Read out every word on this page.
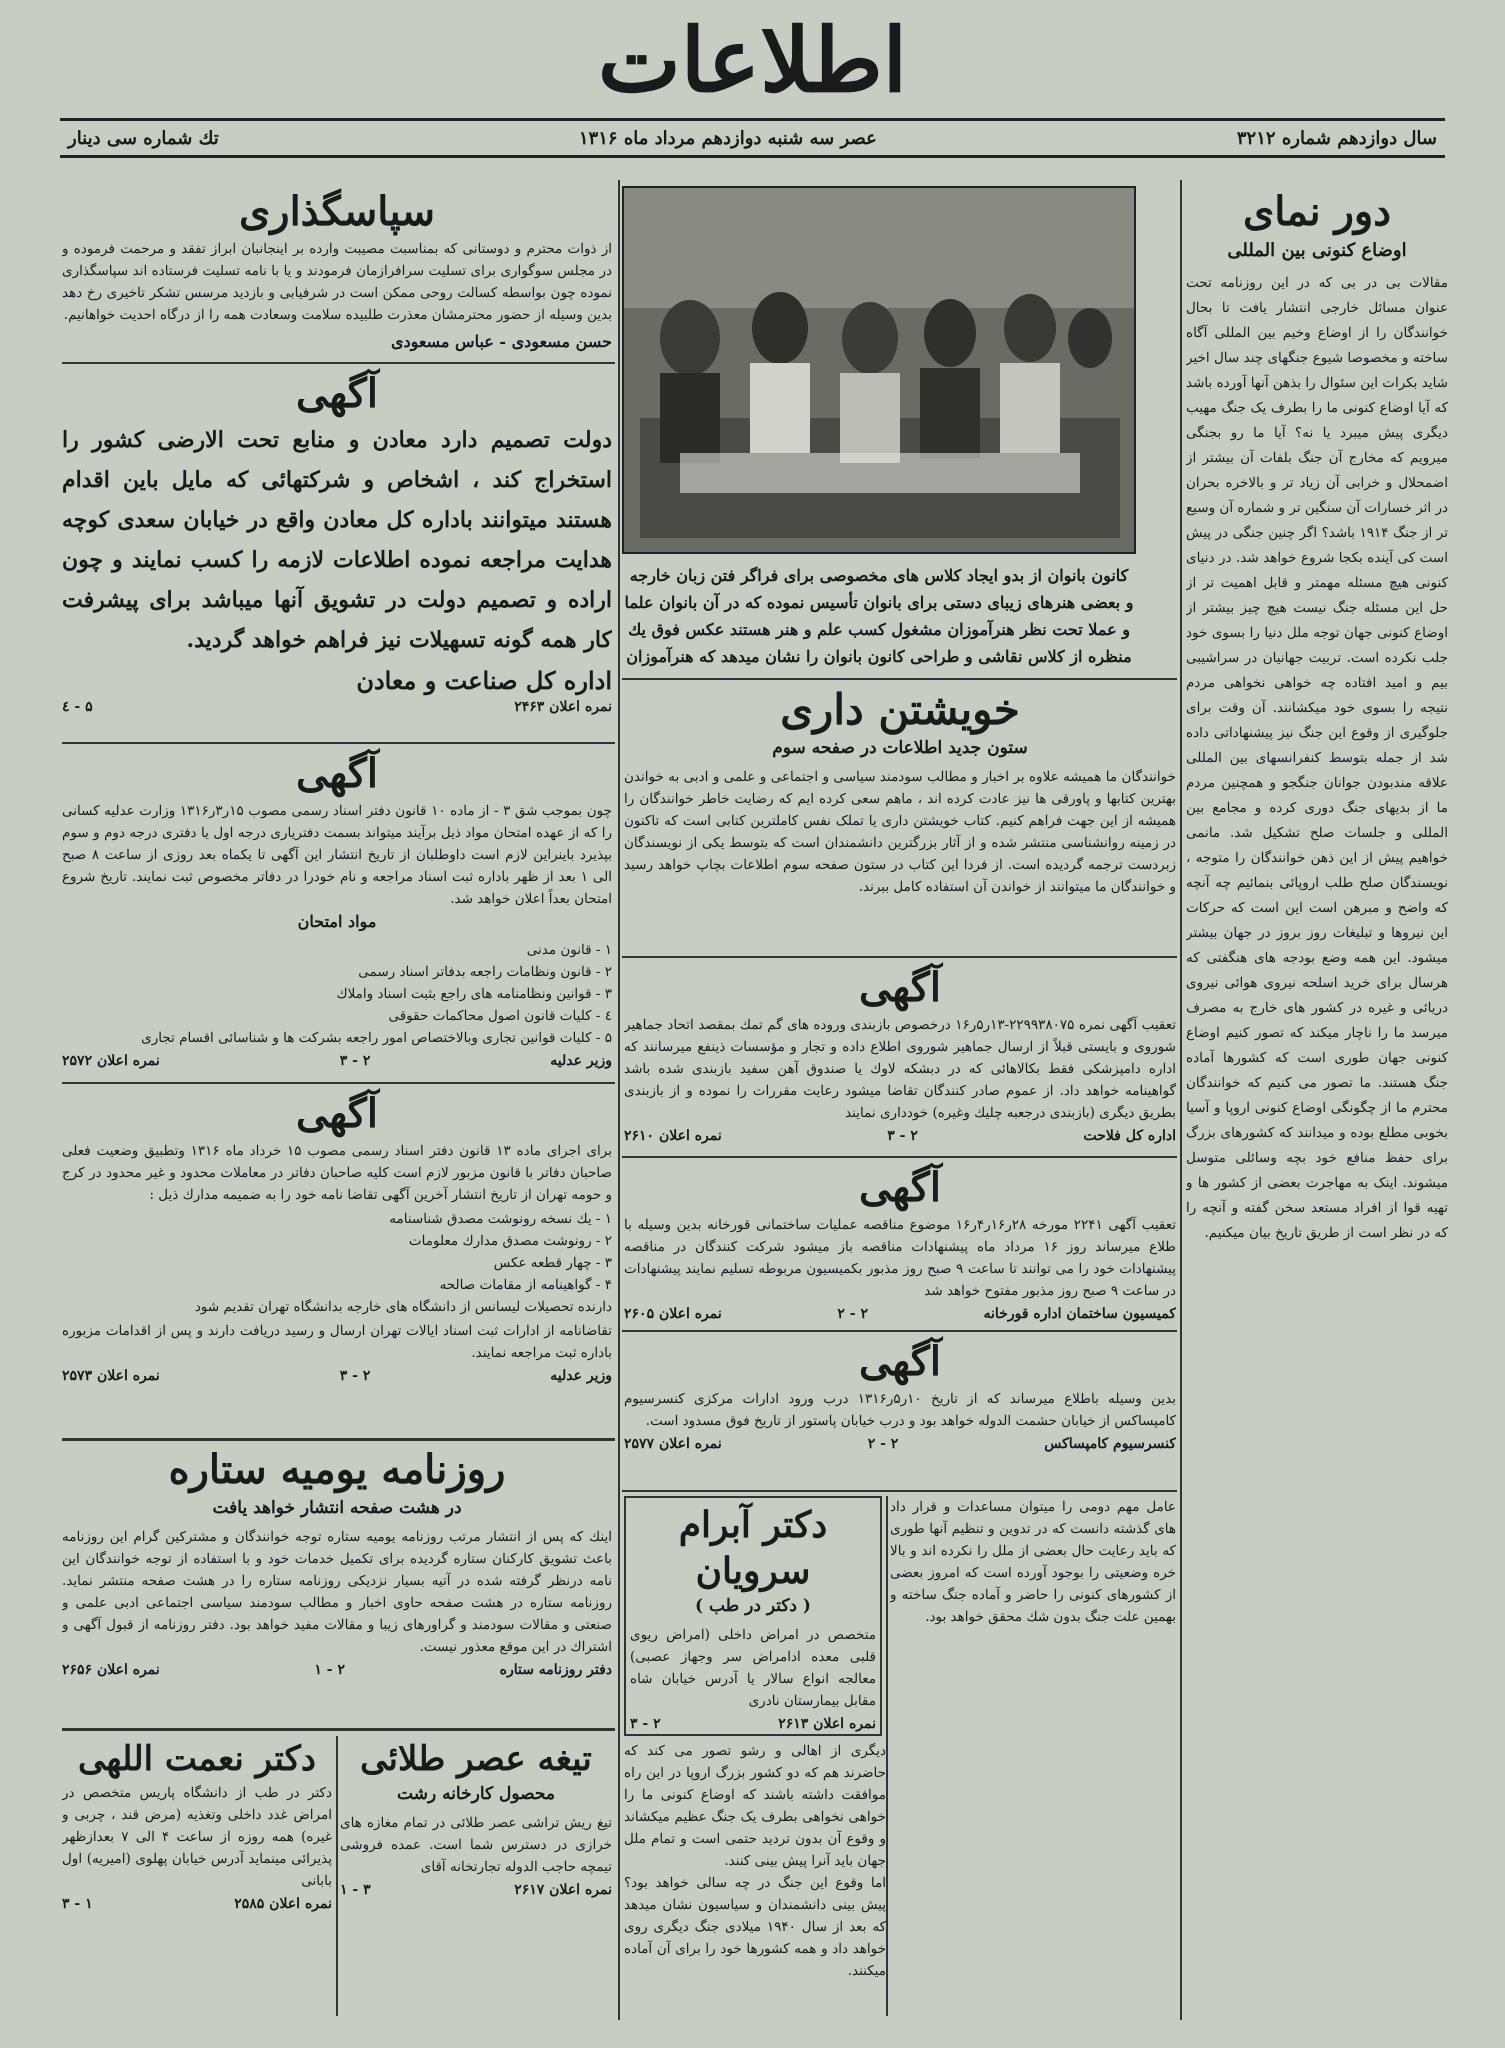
اطلاعات
سال دوازدهم شماره ۳۲۱۲
عصر سه شنبه دوازدهم مرداد ماه ۱۳۱۶
تك شماره سی دینار
دور نمای
اوضاع كنونی بین المللی

مقالات بی در بی که در این روزنامه تحت عنوان مسائل خارجی انتشار یافت تا بحال خوانندگان را از اوضاع وخیم بین المللی آگاه ساخته و مخصوصا شیوع جنگهای چند سال اخیر شاید بکرات این سئوال را بذهن آنها آورده باشد که آیا اوضاع کنونی ما را بطرف یک جنگ مهیب دیگری پیش میبرد یا نه؟ آیا ما رو بجنگی میرویم که مخارج آن جنگ بلفات آن بیشتر از اضمحلال و خرابی آن زیاد تر و بالاخره بحران در اثر خسارات آن سنگین تر و شماره آن وسیع تر از جنگ ۱۹۱۴ باشد؟ اگر چنین جنگی در پیش است کی آینده بکجا شروع خواهد شد. در دنیای کنونی هیچ مسئله مهمتر و قابل اهمیت تر از حل این مسئله جنگ نیست هیچ چیز بیشتر از اوضاع کنونی جهان توجه ملل دنیا را بسوی خود جلب نکرده است. تربیت جهانیان در سراشیبی بیم و امید افتاده چه خواهی نخواهی مردم نتیجه را بسوی خود میکشانند. آن وقت برای جلوگیری از وقوع این جنگ نیز پیشنهاداتی داده شد از جمله بتوسط کنفرانسهای بین المللی علاقه مندبودن جوانان جنگجو و همچنین مردم ما از بدیهای جنگ دوری کرده و مجامع بین المللی و جلسات صلح تشکیل شد. مانمی خواهیم پیش از این ذهن خوانندگان را متوجه ، نویسندگان صلح طلب اروپائی بنمائیم چه آنچه که واضح و مبرهن است این است که حرکات این نیروها و تبلیغات روز بروز در جهان بیشتر میشود. این همه وضع بودجه های هنگفتی که هرسال برای خرید اسلحه نیروی هوائی نیروی دریائی و غیره در کشور های خارج به مصرف میرسد ما را ناچار میکند که تصور کنیم اوضاع کنونی جهان طوری است که کشورها آماده جنگ هستند. ما تصور می کنیم که خوانندگان محترم ما از چگونگی اوضاع کنونی اروپا و آسیا بخوبی مطلع بوده و میدانند که کشورهای بزرگ برای حفظ منافع خود بچه وسائلی متوسل میشوند. اینک به مهاجرت بعضی از کشور ها و تهیه قوا از افراد مستعد سخن گفته و آنچه را که در نظر است از طریق تاریخ بیان میکنیم.

کانون بانوان از بدو ایجاد کلاس های مخصوصی برای فراگر فتن زبان خارجه و بعضی هنرهای زیبای دستی برای بانوان تأسیس نموده که در آن بانوان علما و عملا تحت نظر هنرآموزان مشغول کسب علم و هنر هستند عکس فوق یك منظره از کلاس نقاشی و طراحی کانون بانوان را نشان میدهد که هنرآموزان
خویشتن داری
ستون جدید اطلاعات در صفحه سوم

خوانندگان ما همیشه علاوه بر اخبار و مطالب سودمند سیاسی و اجتماعی و علمی و ادبی به خواندن بهترین کتابها و پاورقی ها نیز عادت کرده اند ، ماهم سعی کرده ایم که رضایت خاطر خوانندگان را همیشه از این جهت فراهم کنیم. کتاب خویشتن داری یا تملک نفس کاملترین کتابی است که تاکنون در زمینه روانشناسی منتشر شده و از آثار بزرگترین دانشمندان است که بتوسط یکی از نویسندگان زبردست ترجمه گردیده است. از فردا این کتاب در ستون صفحه سوم اطلاعات بچاپ خواهد رسید و خوانندگان ما میتوانند از خواندن آن استفاده کامل ببرند.

آگهی

تعقیب آگهی نمره ۲۲۹۹۳۸۰۷۵-۱۳ر۵ر۱۶ درخصوص بازبندی وروده های گم تمك بمقصد اتحاد جماهیر شوروی و بایستی قبلاً از ارسال جماهیر شوروی اطلاع داده و تجار و مؤسسات ذینفع میرسانند که اداره دامپزشکی فقط بکالاهائی که در دبشکه لاوك یا صندوق آهن سفید بازبندی شده باشد گواهینامه خواهد داد. از عموم صادر کنندگان تقاضا میشود رعایت مقررات را نموده و از بازبندی بطریق دیگری (بازبندی درجعبه چلیك وغیره) خودداری نمایند

اداره كل فلاحت
۲ - ۳
نمره اعلان ۲۶۱۰
آگهی

تعقیب آگهی ۲۲۴۱ مورخه ۲۸ر۱۶ر۴ر۱۶ موضوع مناقصه عملیات ساختمانی قورخانه بدین وسیله با طلاع میرساند روز ۱۶ مرداد ماه پیشنهادات مناقصه باز میشود شرکت کنندگان در مناقصه پیشنهادات خود را می توانند تا ساعت ۹ صبح روز مذبور بکمیسیون مربوطه تسلیم نمایند پیشنهادات در ساعت ۹ صبح روز مذبور مفتوح خواهد شد

کمیسیون ساختمان اداره قورخانه
۲ - ۲
نمره اعلان ۲۶۰۵
آگهی

بدین وسیله باطلاع میرساند که از تاریخ ۱۰ر۵ر۱۳۱۶ درب ورود ادارات مرکزی کنسرسیوم کامپساکس از خیابان حشمت الدوله خواهد بود و درب خیابان پاستور از تاریخ فوق مسدود است.

کنسرسیوم کامپساکس
۲ - ۲
نمره اعلان ۲۵۷۷

عامل مهم دومی را میتوان مساعدات و قرار داد های گذشته دانست که در تدوین و تنظیم آنها طوری که باید رعایت حال بعضی از ملل را نکرده اند و بالا خره وضعیتی را بوجود آورده است که امروز بعضی از کشورهای کنونی را حاضر و آماده جنگ ساخته و بهمین علت جنگ بدون شك محقق خواهد بود.

دیگری از اهالی و رشو تصور می کند که حاضرند هم که دو کشور بزرگ اروپا در این راه موافقت داشته باشند که اوضاع کنونی ما را خواهی نخواهی بطرف یک جنگ عظیم میکشاند و وقوع آن بدون تردید حتمی است و تمام ملل جهان باید آنرا پیش بینی کنند.

اما وقوع این جنگ در چه سالی خواهد بود؟ پیش بینی دانشمندان و سیاسیون نشان میدهد که بعد از سال ۱۹۴۰ میلادی جنگ دیگری روی خواهد داد و همه کشورها خود را برای آن آماده میکنند.

دکتر آبرام سرویان
( دکتر در طب )

متخصص در امراض داخلی (امراض ریوی قلبی معده ادامراض سر وجهاز عصبی) معالجه انواع سالار یا آدرس خیابان شاه مقابل بیمارستان نادری

نمره اعلان ۲۶۱۳
۲ - ۳
سپاسگذاری

از ذوات محترم و دوستانی که بمناسبت مصیبت وارده بر اینجانبان ابراز تفقد و مرحمت فرموده و در مجلس سوگواری برای تسلیت سرافرازمان فرمودند و یا با نامه تسلیت فرستاده اند سپاسگذاری نموده چون بواسطه کسالت روحی ممکن است در شرفیابی و بازدید مرسس تشکر تاخیری رخ دهد بدین وسیله از حضور محترمشان معذرت طلبیده سلامت وسعادت همه را از درگاه احدیت خواهانیم.

حسن مسعودی - عباس مسعودی
آگهی

دولت تصمیم دارد معادن و منابع تحت الارضی کشور را استخراج کند ، اشخاص و شرکتهائی که مایل باین اقدام هستند میتوانند باداره کل معادن واقع در خیابان سعدی کوچه هدایت مراجعه نموده اطلاعات لازمه را کسب نمایند و چون اراده و تصمیم دولت در تشویق آنها میباشد برای پیشرفت کار همه گونه تسهیلات نیز فراهم خواهد گردید.

اداره کل صناعت و معادن
نمره اعلان ۲۴۶۳
۵ - ٤
آگهی

چون بموجب شق ۳ - از ماده ۱۰ قانون دفتر اسناد رسمی مصوب ۱۵ر۳ر۱۳۱۶ وزارت عدلیه کسانی را که از عهده امتحان مواد ذیل برآیند میتواند بسمت دفتریاری درجه اول یا دفتری درجه دوم و سوم بپذیرد باینراین لازم است داوطلبان از تاریخ انتشار این آگهی تا یکماه بعد روزی از ساعت ۸ صبح الی ۱ بعد از ظهر باداره ثبت اسناد مراجعه و نام خودرا در دفاتر مخصوص ثبت نمایند. تاریخ شروع امتحان بعداً اعلان خواهد شد.

مواد امتحان
۱ - قانون مدنی
۲ - قانون ونظامات راجعه بدفاتر اسناد رسمی
۳ - قوانین ونظامنامه های راجع بثبت اسناد واملاك
٤ - کلیات قانون اصول محاکمات حقوقی
۵ - کلیات قوانین تجاری وبالاختصاص امور راجعه بشرکت ها و شناسائی اقسام تجاری
وزیر عدلیه
۲ - ۳
نمره اعلان ۲۵۷۲
آگهی

برای اجرای ماده ۱۳ قانون دفتر اسناد رسمی مصوب ۱۵ خرداد ماه ۱۳۱۶ وتطبیق وضعیت فعلی صاحبان دفاتر با قانون مزبور لازم است کلیه صاحبان دفاتر در معاملات محدود و غیر محدود در کرج و حومه تهران از تاریخ انتشار آخرین آگهی تقاضا نامه خود را به ضمیمه مدارك ذیل :

۱ - یك نسخه رونوشت مصدق شناسنامه
۲ - رونوشت مصدق مدارك معلومات
۳ - چهار قطعه عکس
۴ - گواهینامه از مقامات صالحه
دارنده تحصیلات لیسانس از دانشگاه های خارجه بدانشگاه تهران تقدیم شود

تقاضانامه از ادارات ثبت اسناد ایالات تهران ارسال و رسید دریافت دارند و پس از اقدامات مزبوره باداره ثبت مراجعه نمایند.

وزیر عدلیه
۲ - ۳
نمره اعلان ۲۵۷۳
روزنامه یومیه ستاره
در هشت صفحه انتشار خواهد یافت

اینك که پس از انتشار مرتب روزنامه یومیه ستاره توجه خوانندگان و مشترکین گرام این روزنامه باعث تشویق کارکنان ستاره گردیده برای تکمیل خدمات خود و با استفاده از توجه خوانندگان این نامه درنظر گرفته شده در آتیه بسیار نزدیکی روزنامه ستاره را در هشت صفحه منتشر نماید. روزنامه ستاره در هشت صفحه حاوی اخبار و مطالب سودمند سیاسی اجتماعی ادبی علمی و صنعتی و مقالات سودمند و گراورهای زیبا و مقالات مفید خواهد بود. دفتر روزنامه از قبول آگهی و اشتراك در این موقع معذور نیست.

دفتر روزنامه ستاره
۲ - ۱
نمره اعلان ۲۶۵۶
تیغه عصر طلائی
محصول کارخانه رشت

تیغ ریش تراشی عصر طلائی در تمام مغازه های خرازی در دسترس شما است. عمده فروشی تیمچه حاجب الدوله تجارتخانه آقای

نمره اعلان ۲۶۱۷
۳ - ۱
دکتر نعمت اللهی

دکتر در طب از دانشگاه پاریس متخصص در امراض غدد داخلی وتغذیه (مرض قند ، چربی و غیره) همه روزه از ساعت ۴ الی ۷ بعدازظهر پذیرائی مینماید آدرس خیابان پهلوی (امیریه) اول بابانی

نمره اعلان ۲۵۸۵
۱ - ۳
